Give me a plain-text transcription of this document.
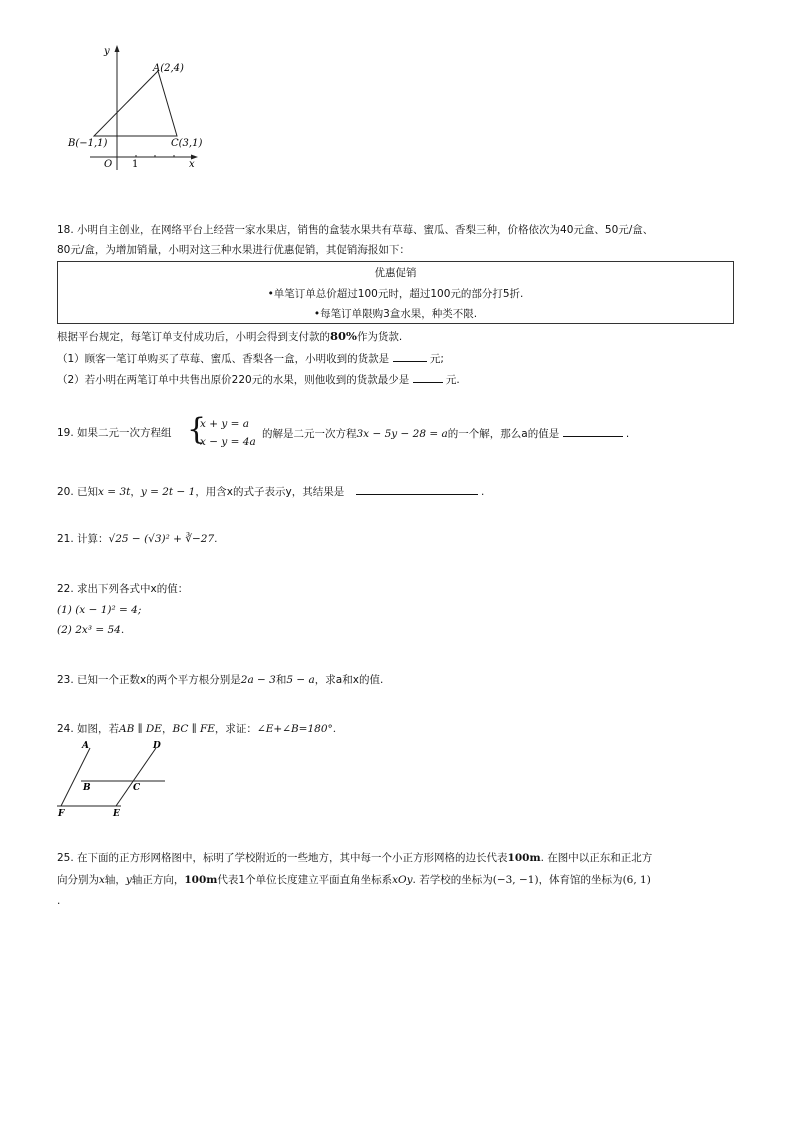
y
x
O 1
A(2,4)
B(−1,1)	C(3,1)
18. 小明自主创业，在网络平台上经营一家水果店，销售的盒装水果共有草莓、蜜瓜、香梨三种，价格依次为40元盒、50元/盒、
80元/盒，为增加销量，小明对这三种水果进行优惠促销，其促销海报如下：
优惠促销
•单笔订单总价超过100元时，超过100元的部分打5折.
•每笔订单限购3盒水果，种类不限.
根据平台规定，每笔订单支付成功后，小明会得到支付款的80%作为货款.
（1）顾客一笔订单购买了草莓、蜜瓜、香梨各一盒，小明收到的货款是	元;
（2）若小明在两笔订单中共售出原价220元的水果，则他收到的货款最少是	元.
19. 如果二元一次方程组 {
x + y = a
x − y = 4a
的解是二元一次方程3x − 5y − 28 = a的一个解，那么a的值是	.
20. 已知x = 3t，y = 2t − 1，用含x的式子表示y，其结果是	.
21. 计算：√25 − (√3)² + ∛−27.
22. 求出下列各式中x的值：
(1) (x − 1)² = 4;
(2) 2x³ = 54.
23. 已知一个正数x的两个平方根分别是2a − 3和5 − a，求a和x的值.
24. 如图，若AB ∥ DE，BC ∥ FE，求证：∠E+∠B=180°.
A	D
B	C
F	E
25. 在下面的正方形网格图中，标明了学校附近的一些地方，其中每一个小正方形网格的边长代表100m. 在图中以正东和正北方
向分别为x轴，y轴正方向，100m代表1个单位长度建立平面直角坐标系xOy. 若学校的坐标为(−3, −1)，体育馆的坐标为(6, 1)
.
